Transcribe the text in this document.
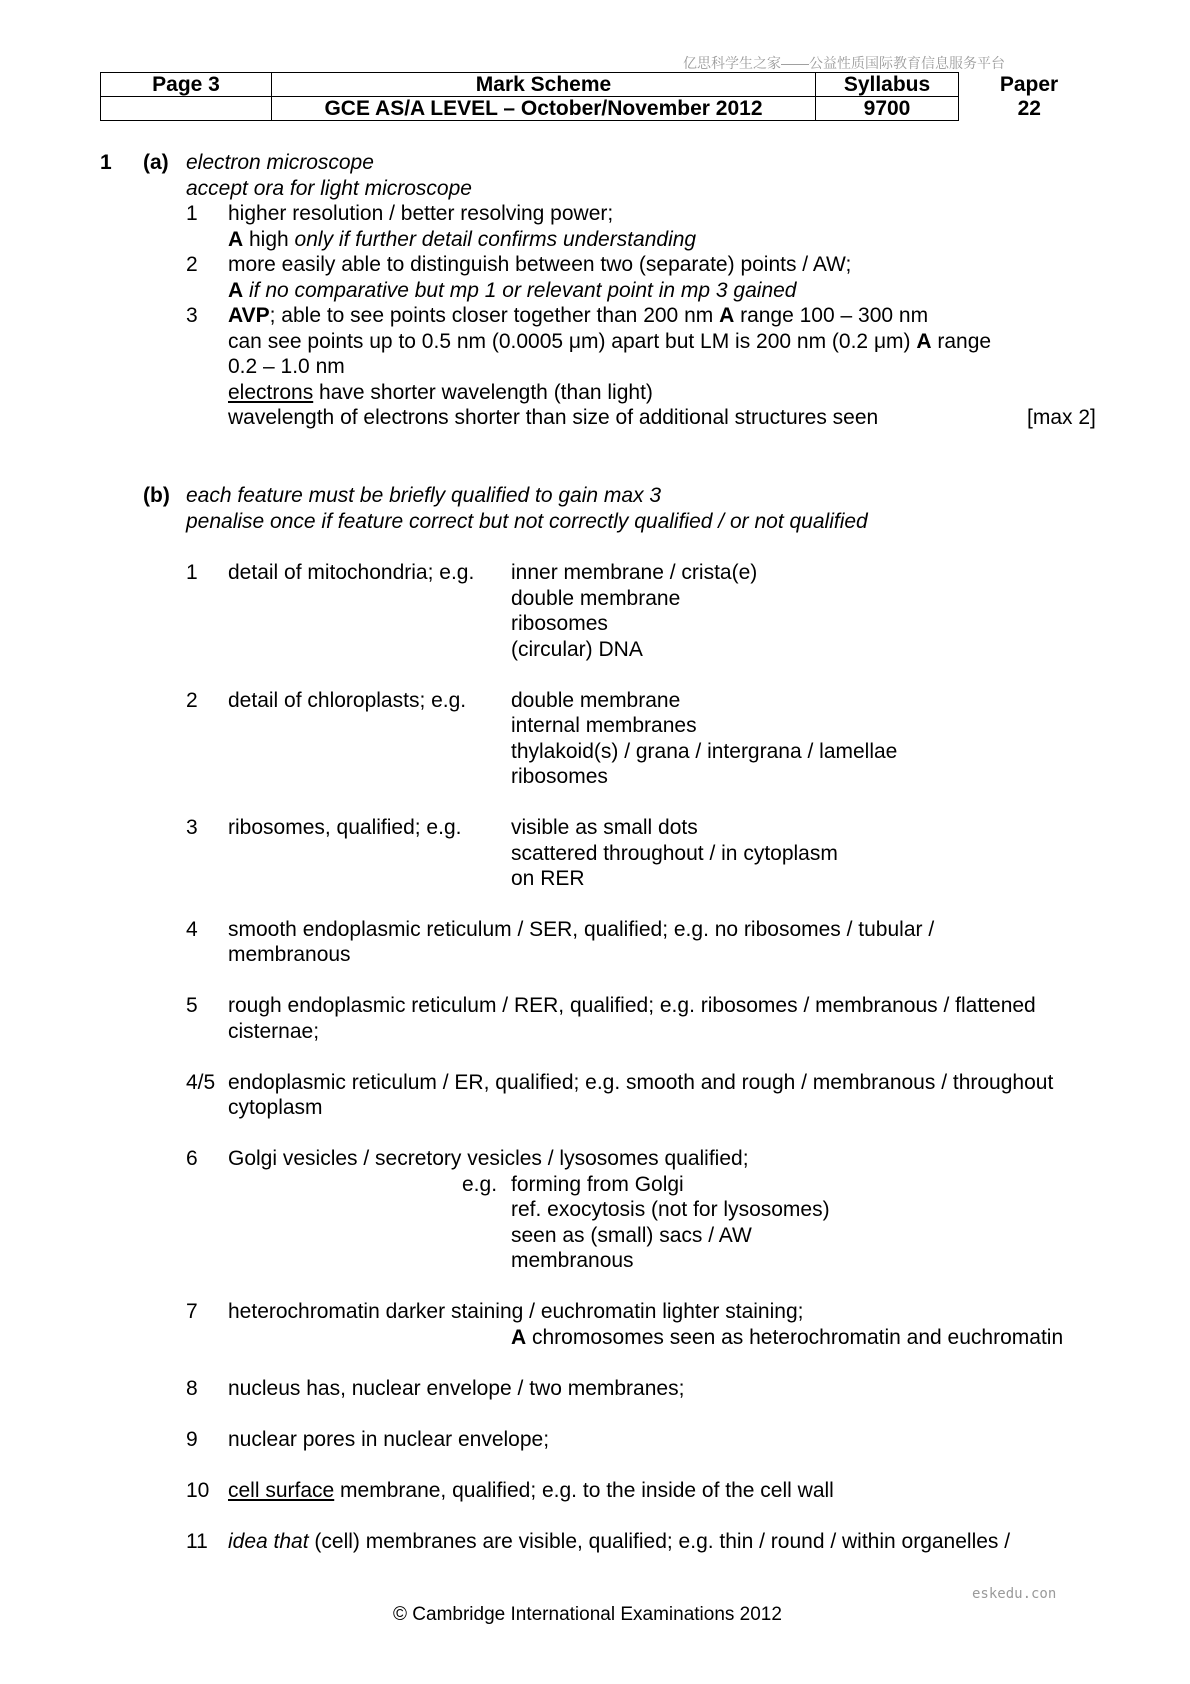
亿思科学生之家——公益性质国际教育信息服务平台
Page 3	Mark Scheme	Syllabus	Paper
	GCE AS/A LEVEL – October/November 2012	9700	22
1 (a) electron microscope
accept ora for light microscope
1 higher resolution / better resolving power;
A high only if further detail confirms understanding
2 more easily able to distinguish between two (separate) points / AW;
A if no comparative but mp 1 or relevant point in mp 3 gained
3 AVP; able to see points closer together than 200 nm A range 100 – 300 nm
can see points up to 0.5 nm (0.0005 μm) apart but LM is 200 nm (0.2 μm) A range
0.2 – 1.0 nm
electrons have shorter wavelength (than light)
wavelength of electrons shorter than size of additional structures seen	[max 2]
(b) each feature must be briefly qualified to gain max 3
penalise once if feature correct but not correctly qualified / or not qualified
1 detail of mitochondria; e.g. inner membrane / crista(e)
double membrane
ribosomes
(circular) DNA
2 detail of chloroplasts; e.g. double membrane
internal membranes
thylakoid(s) / grana / intergrana / lamellae
ribosomes
3 ribosomes, qualified; e.g. visible as small dots
scattered throughout / in cytoplasm
on RER
4 smooth endoplasmic reticulum / SER, qualified; e.g. no ribosomes / tubular /
membranous
5 rough endoplasmic reticulum / RER, qualified; e.g. ribosomes / membranous / flattened
cisternae;
4/5 endoplasmic reticulum / ER, qualified; e.g. smooth and rough / membranous / throughout
cytoplasm
6 Golgi vesicles / secretory vesicles / lysosomes qualified;
e.g. forming from Golgi
ref. exocytosis (not for lysosomes)
seen as (small) sacs / AW
membranous
7 heterochromatin darker staining / euchromatin lighter staining;
A chromosomes seen as heterochromatin and euchromatin
8 nucleus has, nuclear envelope / two membranes;
9 nuclear pores in nuclear envelope;
10 cell surface membrane, qualified; e.g. to the inside of the cell wall
11 idea that (cell) membranes are visible, qualified; e.g. thin / round / within organelles /
eskedu.con
© Cambridge International Examinations 2012
